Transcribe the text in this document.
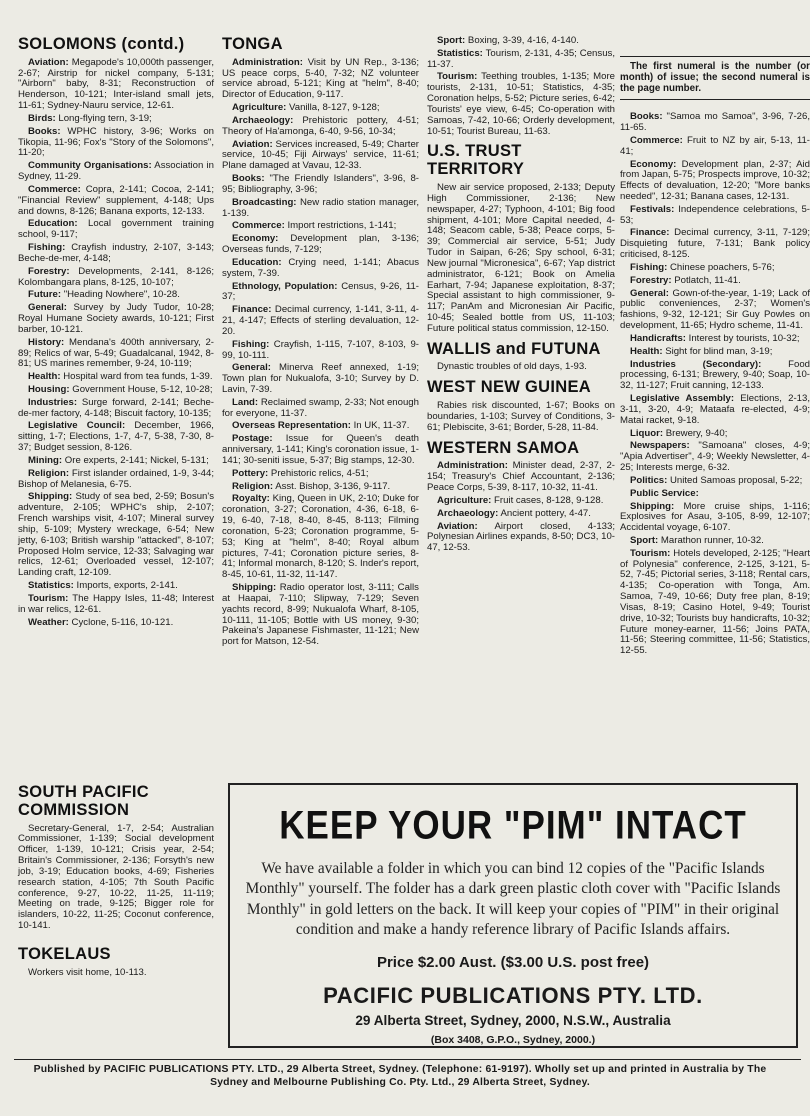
SOLOMONS (contd.)

Aviation: Megapode's 10,000th passenger, 2-67; Airstrip for nickel company, 5-131; "Airborn" baby, 8-31; Reconstruction of Henderson, 10-121; Inter-island small jets, 11-61; Sydney-Nauru service, 12-61.

Birds: Long-flying tern, 3-19;

Books: WPHC history, 3-96; Works on Tikopia, 11-96; Fox's "Story of the Solomons", 11-20;

Community Organisations: Association in Sydney, 11-29.

Commerce: Copra, 2-141; Cocoa, 2-141; "Financial Review" supplement, 4-148; Ups and downs, 8-126; Banana exports, 12-133.

Education: Local government training school, 9-117;

Fishing: Crayfish industry, 2-107, 3-143; Beche-de-mer, 4-148;

Forestry: Developments, 2-141, 8-126; Kolombangara plans, 8-125, 10-107;

Future: "Heading Nowhere", 10-28.

General: Survey by Judy Tudor, 10-28; Royal Humane Society awards, 10-121; First barber, 10-121.

History: Mendana's 400th anniversary, 2-89; Relics of war, 5-49; Guadalcanal, 1942, 8-81; US marines remember, 9-24, 10-119;

Health: Hospital ward from tea funds, 1-39.

Housing: Government House, 5-12, 10-28;

Industries: Surge forward, 2-141; Beche-de-mer factory, 4-148; Biscuit factory, 10-135;

Legislative Council: December, 1966, sitting, 1-7; Elections, 1-7, 4-7, 5-38, 7-30, 8-37; Budget session, 8-126.

Mining: Ore experts, 2-141; Nickel, 5-131;

Religion: First islander ordained, 1-9, 3-44; Bishop of Melanesia, 6-75.

Shipping: Study of sea bed, 2-59; Bosun's adventure, 2-105; WPHC's ship, 2-107; French warships visit, 4-107; Mineral survey ship, 5-109; Mystery wreckage, 6-54; New jetty, 6-103; British warship "attacked", 8-107; Proposed Holm service, 12-33; Salvaging war relics, 12-61; Overloaded vessel, 12-107; Landing craft, 12-109.

Statistics: Imports, exports, 2-141.

Tourism: The Happy Isles, 11-48; Interest in war relics, 12-61.

Weather: Cyclone, 5-116, 10-121.

SOUTH PACIFIC COMMISSION

Secretary-General, 1-7, 2-54; Australian Commissioner, 1-139; Social development Officer, 1-139, 10-121; Crisis year, 2-54; Britain's Commissioner, 2-136; Forsyth's new job, 3-19; Education books, 4-69; Fisheries research station, 4-105; 7th South Pacific conference, 9-27, 10-22, 11-25, 11-119; Meeting on trade, 9-125; Bigger role for islanders, 10-22, 11-25; Coconut conference, 10-141.

TOKELAUS

Workers visit home, 10-113.

TONGA

Administration: Visit by UN Rep., 3-136; US peace corps, 5-40, 7-32; NZ volunteer service abroad, 5-121; King at "helm", 8-40; Director of Education, 9-117.

Agriculture: Vanilla, 8-127, 9-128;

Archaeology: Prehistoric pottery, 4-51; Theory of Ha'amonga, 6-40, 9-56, 10-34;

Aviation: Services increased, 5-49; Charter service, 10-45; Fiji Airways' service, 11-61; Plane damaged at Vavau, 12-33.

Books: "The Friendly Islanders", 3-96, 8-95; Bibliography, 3-96;

Broadcasting: New radio station manager, 1-139.

Commerce: Import restrictions, 1-141;

Economy: Development plan, 3-136; Overseas funds, 7-129;

Education: Crying need, 1-141; Abacus system, 7-39.

Ethnology, Population: Census, 9-26, 11-37;

Finance: Decimal currency, 1-141, 3-11, 4-21, 4-147; Effects of sterling devaluation, 12-20.

Fishing: Crayfish, 1-115, 7-107, 8-103, 9-99, 10-111.

General: Minerva Reef annexed, 1-19; Town plan for Nukualofa, 3-10; Survey by D. Lavin, 7-39.

Land: Reclaimed swamp, 2-33; Not enough for everyone, 11-37.

Overseas Representation: In UK, 11-37.

Postage: Issue for Queen's death anniversary, 1-141; King's coronation issue, 1-141; 30-seniti issue, 5-37; Big stamps, 12-30.

Pottery: Prehistoric relics, 4-51;

Religion: Asst. Bishop, 3-136, 9-117.

Royalty: King, Queen in UK, 2-10; Duke for coronation, 3-27; Coronation, 4-36, 6-18, 6-19, 6-40, 7-18, 8-40, 8-45, 8-113; Filming coronation, 5-23; Coronation programme, 5-53; King at "helm", 8-40; Royal album pictures, 7-41; Coronation picture series, 8-41; Informal monarch, 8-120; S. Inder's report, 8-45, 10-61, 11-32, 11-147.

Shipping: Radio operator lost, 3-111; Calls at Haapai, 7-110; Slipway, 7-129; Seven yachts record, 8-99; Nukualofa Wharf, 8-105, 10-111, 11-105; Bottle with US money, 9-30; Pakeina's Japanese Fishmaster, 11-121; New port for Matson, 12-54.

Sport: Boxing, 3-39, 4-16, 4-140.

Statistics: Tourism, 2-131, 4-35; Census, 11-37.

Tourism: Teething troubles, 1-135; More tourists, 2-131, 10-51; Statistics, 4-35; Coronation helps, 5-52; Picture series, 6-42; Tourists' eye view, 6-45; Co-operation with Samoas, 7-42, 10-66; Orderly development, 10-51; Tourist Bureau, 11-63.

U.S. TRUST TERRITORY

New air service proposed, 2-133; Deputy High Commissioner, 2-136; New newspaper, 4-27; Typhoon, 4-101; Big food shipment, 4-101; More Capital needed, 4-148; Seacom cable, 5-38; Peace corps, 5-39; Commercial air service, 5-51; Judy Tudor in Saipan, 6-26; Spy school, 6-31; New journal "Micronesica", 6-67; Yap district administrator, 6-121; Book on Amelia Earhart, 7-94; Japanese exploitation, 8-37; Special assistant to high commissioner, 9-117; PanAm and Micronesian Air Pacific, 10-45; Sealed bottle from US, 11-103; Future political status commission, 12-150.

WALLIS and FUTUNA

Dynastic troubles of old days, 1-93.

WEST NEW GUINEA

Rabies risk discounted, 1-67; Books on boundaries, 1-103; Survey of Conditions, 3-61; Plebiscite, 3-61; Border, 5-28, 11-84.

WESTERN SAMOA

Administration: Minister dead, 2-37, 2-154; Treasury's Chief Accountant, 2-136; Peace Corps, 5-39, 8-117, 10-32, 11-41.

Agriculture: Fruit cases, 8-128, 9-128.

Archaeology: Ancient pottery, 4-47.

Aviation: Airport closed, 4-133; Polynesian Airlines expands, 8-50; DC3, 10-47, 12-53.

The first numeral is the number (or month) of issue; the second numeral is the page number.

Books: "Samoa mo Samoa", 3-96, 7-26, 11-65.

Commerce: Fruit to NZ by air, 5-13, 11-41;

Economy: Development plan, 2-37; Aid from Japan, 5-75; Prospects improve, 10-32; Effects of devaluation, 12-20; "More banks needed", 12-31; Banana cases, 12-131.

Festivals: Independence celebrations, 5-53;

Finance: Decimal currency, 3-11, 7-129; Disquieting future, 7-131; Bank policy criticised, 8-125.

Fishing: Chinese poachers, 5-76;

Forestry: Potlatch, 11-41.

General: Gown-of-the-year, 1-19; Lack of public conveniences, 2-37; Women's fashions, 9-32, 12-121; Sir Guy Powles on development, 11-65; Hydro scheme, 11-41.

Handicrafts: Interest by tourists, 10-32;

Health: Sight for blind man, 3-19;

Industries (Secondary):	Food processing, 6-131; Brewery, 9-40; Soap, 10-32, 11-127; Fruit canning, 12-133.

Legislative Assembly: Elections, 2-13, 3-11, 3-20, 4-9; Mataafa re-elected, 4-9; Matai racket, 9-18.

Liquor: Brewery, 9-40;

Newspapers: "Samoana" closes, 4-9; "Apia Advertiser", 4-9; Weekly Newsletter, 4-25; Interests merge, 6-32.

Politics: United Samoas proposal, 5-22;

Public Service:

Shipping: More cruise ships, 1-116; Explosives for Asau, 3-105, 8-99, 12-107; Accidental voyage, 6-107.

Sport: Marathon runner, 10-32.

Tourism: Hotels developed, 2-125; "Heart of Polynesia" conference, 2-125, 3-121, 5-52, 7-45; Pictorial series, 3-118; Rental cars, 4-135; Co-operation with Tonga, Am. Samoa, 7-49, 10-66; Duty free plan, 8-19; Visas, 8-19; Casino Hotel, 9-49; Tourist drive, 10-32; Tourists buy handicrafts, 10-32; Future money-earner, 11-56; Joins PATA, 11-56; Steering committee, 11-56; Statistics, 12-55.

KEEP YOUR "PIM" INTACT
We have available a folder in which you can bind 12 copies of the "Pacific Islands Monthly" yourself. The folder has a dark green plastic cloth cover with "Pacific Islands Monthly" in gold letters on the back. It will keep your copies of "PIM" in their original condition and make a handy reference library of Pacific Islands affairs.
Price $2.00 Aust. ($3.00 U.S. post free)
PACIFIC PUBLICATIONS PTY. LTD.
29 Alberta Street, Sydney, 2000, N.S.W., Australia
(Box 3408, G.P.O., Sydney, 2000.)
Published by PACIFIC PUBLICATIONS PTY. LTD., 29 Alberta Street, Sydney. (Telephone: 61-9197). Wholly set up and printed in Australia by The Sydney and Melbourne Publishing Co. Pty. Ltd., 29 Alberta Street, Sydney.
